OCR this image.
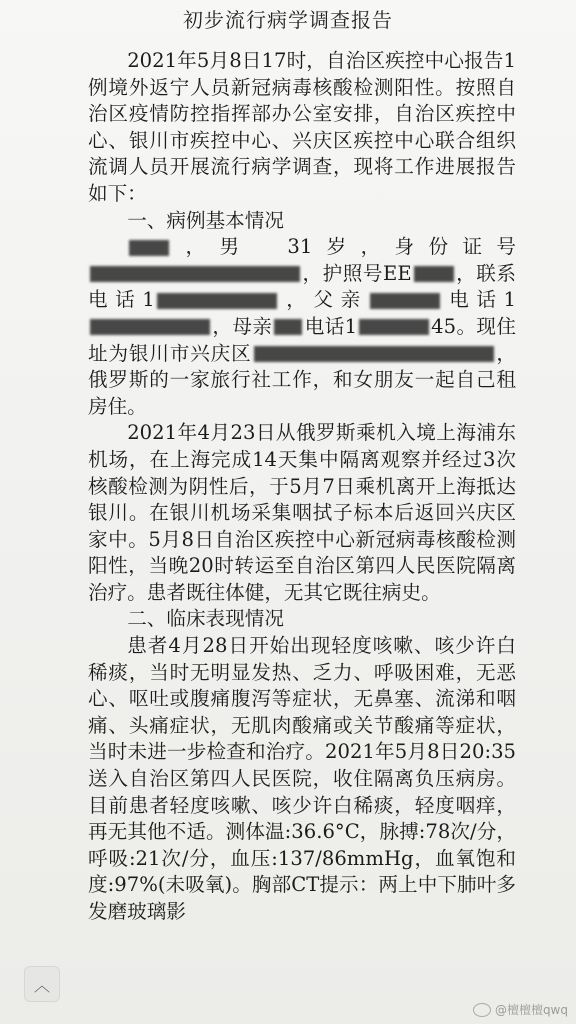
初步流行病学调查报告

2021年5月8日17时，自治区疾控中心报告1例境外返宁人员新冠病毒核酸检测阳性。按照自治区疫情防控指挥部办公室安排，自治区疾控中心、银川市疾控中心、兴庆区疾控中心联合组织流调人员开展流行病学调查，现将工作进展报告如下：

一、病例基本情况

，男　31岁，身份证号，护照号EE ，联系电话1	，父亲	电话1，母亲 电话1	45。现住址为银川市兴庆区	，俄罗斯的一家旅行社工作，和女朋友一起自己租房住。

2021年4月23日从俄罗斯乘机入境上海浦东机场，在上海完成14天集中隔离观察并经过3次核酸检测为阴性后，于5月7日乘机离开上海抵达银川。在银川机场采集咽拭子标本后返回兴庆区家中。5月8日自治区疾控中心新冠病毒核酸检测阳性，当晚20时转运至自治区第四人民医院隔离治疗。患者既往体健，无其它既往病史。

二、临床表现情况

患者4月28日开始出现轻度咳嗽、咳少许白稀痰，当时无明显发热、乏力、呼吸困难，无恶心、呕吐或腹痛腹泻等症状，无鼻塞、流涕和咽痛、头痛症状，无肌肉酸痛或关节酸痛等症状，当时未进一步检查和治疗。2021年5月8日20:35送入自治区第四人民医院，收住隔离负压病房。目前患者轻度咳嗽、咳少许白稀痰，轻度咽痒，再无其他不适。测体温:36.6°C，脉搏:78次/分，呼吸:21次/分，血压:137/86mmHg，血氧饱和度:97%(未吸氧)。胸部CT提示：两上中下肺叶多发磨玻璃影

︿
@檀檀檀qwq
